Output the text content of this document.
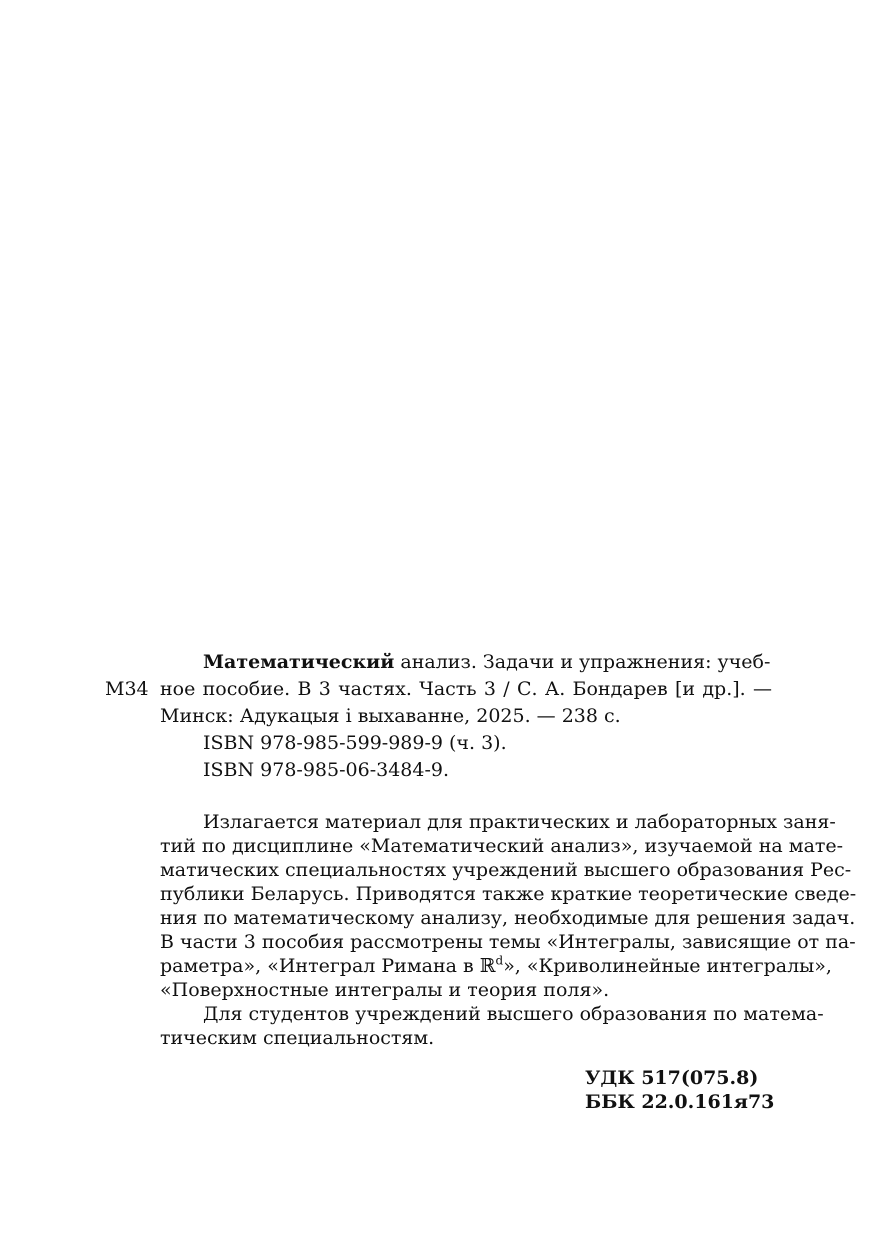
М34
Математический анализ. Задачи и упражнения: учеб-
ное пособие. В 3 частях. Часть 3 / С. А. Бондарев [и др.]. —
Минск: Адукацыя і выхаванне, 2025. — 238 с.
ISBN 978-985-599-989-9 (ч. 3).
ISBN 978-985-06-3484-9.
Излагается материал для практических и лабораторных заня-
тий по дисциплине «Математический анализ», изучаемой на мате-
матических специальностях учреждений высшего образования Рес-
публики Беларусь. Приводятся также краткие теоретические сведе-
ния по математическому анализу, необходимые для решения задач.
В части 3 пособия рассмотрены темы «Интегралы, зависящие от па-
раметра», «Интеграл Римана в ℝ$^d$», «Криволинейные интегралы»,
«Поверхностные интегралы и теория поля».
Для студентов учреждений высшего образования по матема-
тическим специальностям.
УДК 517(075.8)
ББК 22.0.161я73
